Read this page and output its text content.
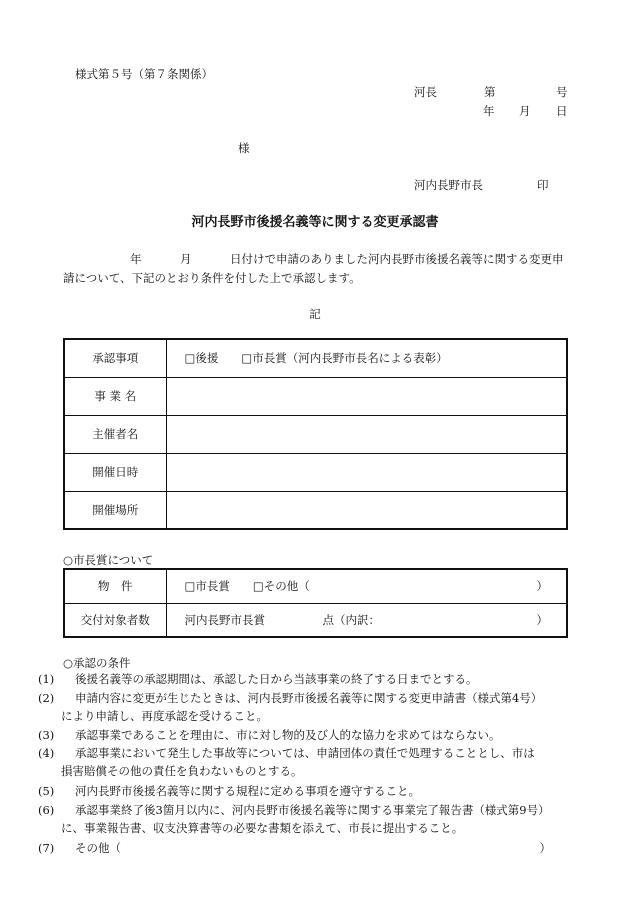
様式第５号（第７条関係）
河長	第	号
年 月 日
様
河内長野市長	印
河内長野市後援名義等に関する変更承認書
年	月	日付けで申請のありました河内長野市後援名義等に関する変更申
請について、下記のとおり条件を付した上で承認します。
記
承認事項	□後援　　□市長賞（河内長野市長名による表彰）
事 業 名	
主催者名	
開催日時	
開催場所	
○市長賞について
物　件	□市長賞　　□その他（ ）

交付対象者数	河内長野市長賞　　　　　点（内訳： ）
○承認の条件
(1) 後援名義等の承認期間は、承認した日から当該事業の終了する日までとする。
(2) 申請内容に変更が生じたときは、河内長野市後援名義等に関する変更申請書（様式第4号）
により申請し、再度承認を受けること。
(3) 承認事業であることを理由に、市に対し物的及び人的な協力を求めてはならない。
(4) 承認事業において発生した事故等については、申請団体の責任で処理することとし、市は
損害賠償その他の責任を負わないものとする。
(5) 河内長野市後援名義等に関する規程に定める事項を遵守すること。
(6) 承認事業終了後3箇月以内に、河内長野市後援名義等に関する事業完了報告書（様式第9号）
に、事業報告書、収支決算書等の必要な書類を添えて、市長に提出すること。
(7) その他（	）
